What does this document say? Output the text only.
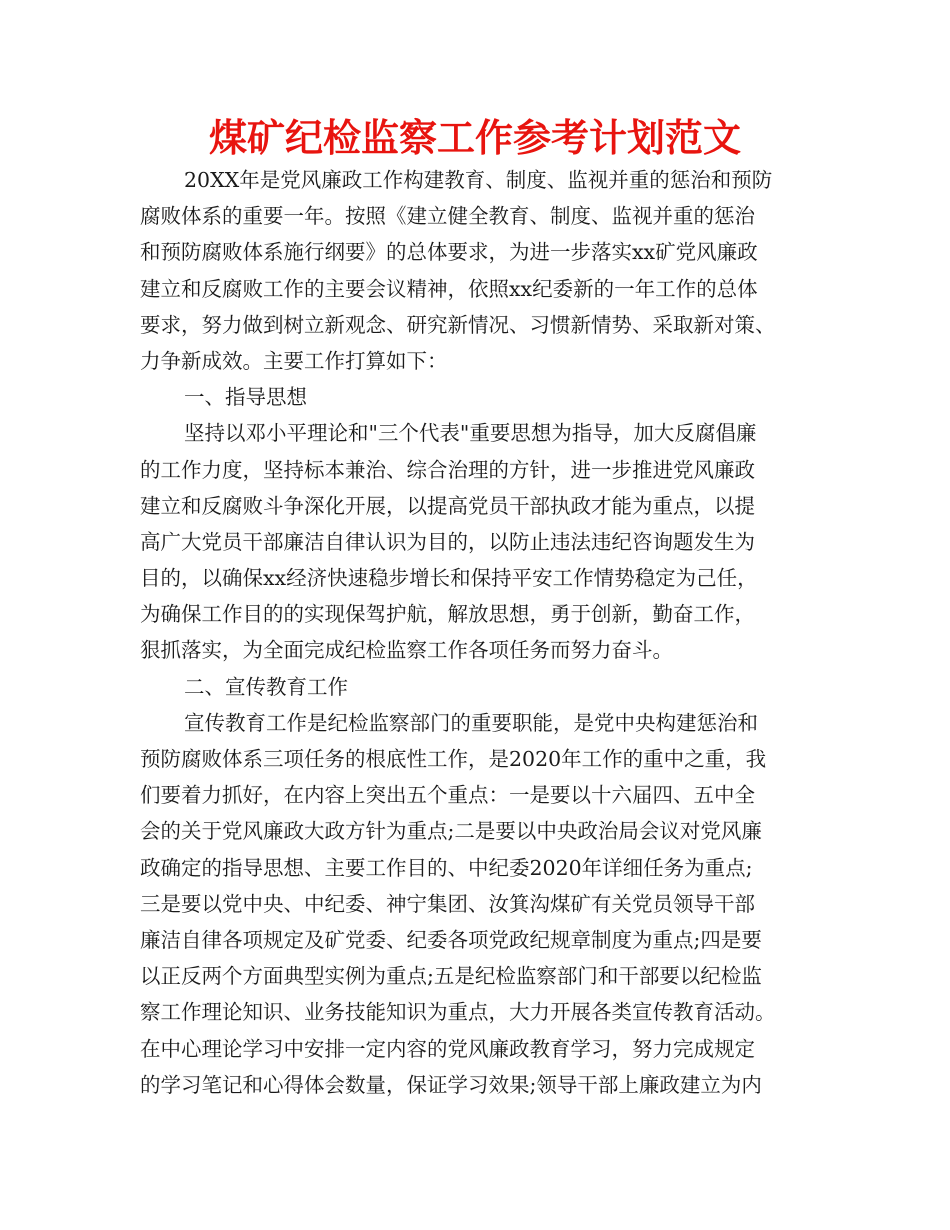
煤矿纪检监察工作参考计划范文
20XX年是党风廉政工作构建教育、制度、监视并重的惩治和预防
腐败体系的重要一年。按照《建立健全教育、制度、监视并重的惩治
和预防腐败体系施行纲要》的总体要求，为进一步落实xx矿党风廉政
建立和反腐败工作的主要会议精神，依照xx纪委新的一年工作的总体
要求，努力做到树立新观念、研究新情况、习惯新情势、采取新对策、
力争新成效。主要工作打算如下：
一、指导思想
坚持以邓小平理论和"三个代表"重要思想为指导，加大反腐倡廉
的工作力度，坚持标本兼治、综合治理的方针，进一步推进党风廉政
建立和反腐败斗争深化开展，以提高党员干部执政才能为重点，以提
高广大党员干部廉洁自律认识为目的，以防止违法违纪咨询题发生为
目的，以确保xx经济快速稳步增长和保持平安工作情势稳定为己任，
为确保工作目的的实现保驾护航，解放思想，勇于创新，勤奋工作，
狠抓落实，为全面完成纪检监察工作各项任务而努力奋斗。
二、宣传教育工作
宣传教育工作是纪检监察部门的重要职能，是党中央构建惩治和
预防腐败体系三项任务的根底性工作，是2020年工作的重中之重，我
们要着力抓好，在内容上突出五个重点：一是要以十六届四、五中全
会的关于党风廉政大政方针为重点;二是要以中央政治局会议对党风廉
政确定的指导思想、主要工作目的、中纪委2020年详细任务为重点;
三是要以党中央、中纪委、神宁集团、汝箕沟煤矿有关党员领导干部
廉洁自律各项规定及矿党委、纪委各项党政纪规章制度为重点;四是要
以正反两个方面典型实例为重点;五是纪检监察部门和干部要以纪检监
察工作理论知识、业务技能知识为重点，大力开展各类宣传教育活动。
在中心理论学习中安排一定内容的党风廉政教育学习，努力完成规定
的学习笔记和心得体会数量，保证学习效果;领导干部上廉政建立为内
